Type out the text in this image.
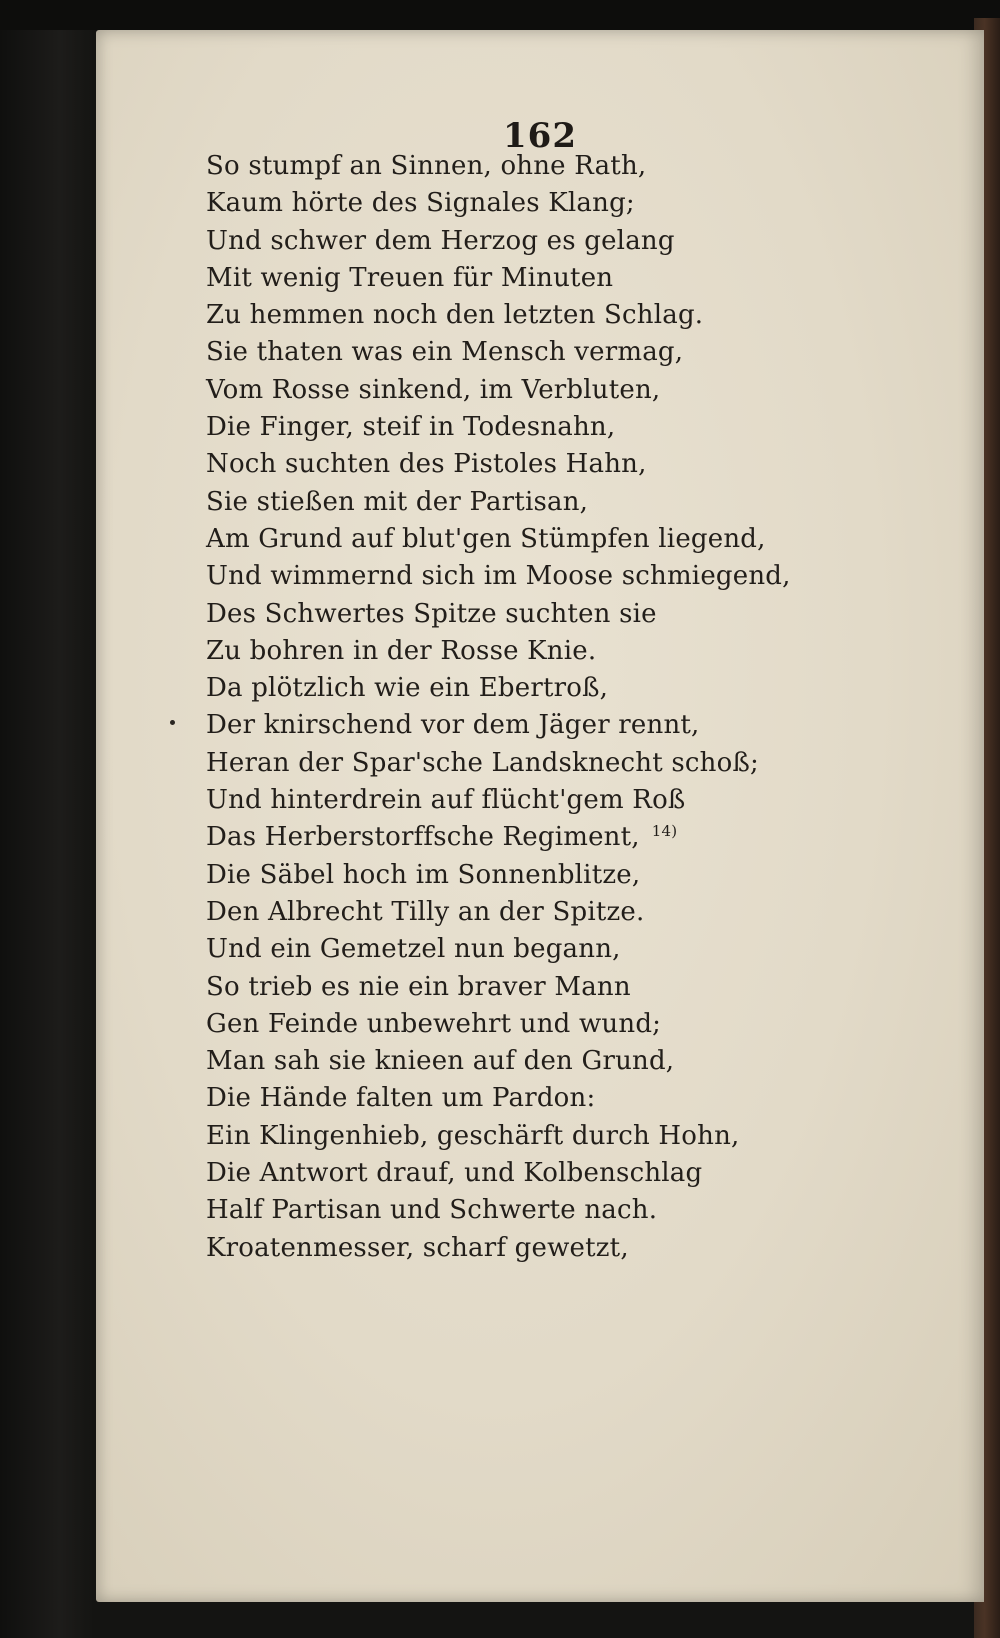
162
So stumpf an Sinnen, ohne Rath,
Kaum hörte des Signales Klang;
Und schwer dem Herzog es gelang
Mit wenig Treuen für Minuten
Zu hemmen noch den letzten Schlag.
Sie thaten was ein Mensch vermag,
Vom Rosse sinkend, im Verbluten,
Die Finger, steif in Todesnahn,
Noch suchten des Pistoles Hahn,
Sie stießen mit der Partisan,
Am Grund auf blut'gen Stümpfen liegend,
Und wimmernd sich im Moose schmiegend,
Des Schwertes Spitze suchten sie
Zu bohren in der Rosse Knie.
Da plötzlich wie ein Ebertroß,
Der knirschend vor dem Jäger rennt,
Heran der Spar'sche Landsknecht schoß;
Und hinterdrein auf flücht'gem Roß
Das Herberstorffsche Regiment, $^{14)}$
Die Säbel hoch im Sonnenblitze,
Den Albrecht Tilly an der Spitze.
Und ein Gemetzel nun begann,
So trieb es nie ein braver Mann
Gen Feinde unbewehrt und wund;
Man sah sie knieen auf den Grund,
Die Hände falten um Pardon:
Ein Klingenhieb, geschärft durch Hohn,
Die Antwort drauf, und Kolbenschlag
Half Partisan und Schwerte nach.
Kroatenmesser, scharf gewetzt,
